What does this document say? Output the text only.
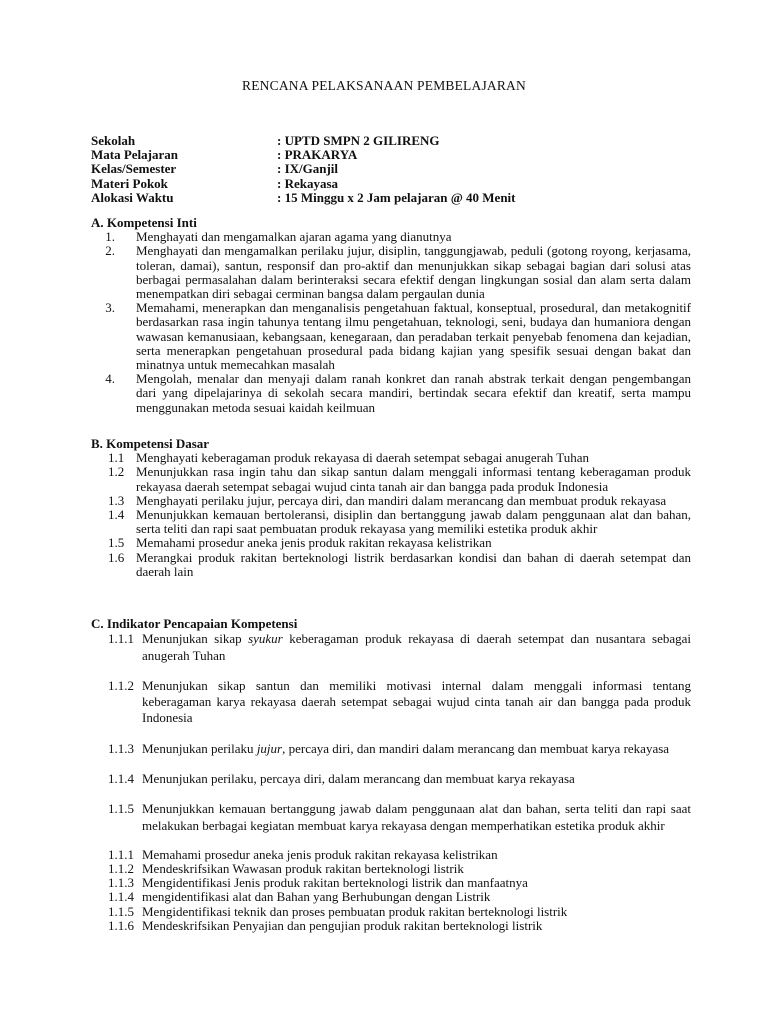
RENCANA PELAKSANAAN PEMBELAJARAN
Sekolah	: UPTD SMPN 2 GILIRENG
Mata Pelajaran	: PRAKARYA
Kelas/Semester	: IX/Ganjil
Materi Pokok	: Rekayasa
Alokasi Waktu	: 15 Minggu x 2 Jam pelajaran @ 40 Menit
A. Kompetensi Inti
1. Menghayati dan mengamalkan ajaran agama yang dianutnya
2. Menghayati dan mengamalkan perilaku jujur, disiplin, tanggungjawab, peduli (gotong royong, kerjasama, toleran, damai), santun, responsif dan pro-aktif dan menunjukkan sikap sebagai bagian dari solusi atas berbagai permasalahan dalam berinteraksi secara efektif dengan lingkungan sosial dan alam serta dalam menempatkan diri sebagai cerminan bangsa dalam pergaulan dunia
3. Memahami, menerapkan dan menganalisis pengetahuan faktual, konseptual, prosedural, dan metakognitif berdasarkan rasa ingin tahunya tentang ilmu pengetahuan, teknologi, seni, budaya dan humaniora dengan wawasan kemanusiaan, kebangsaan, kenegaraan, dan peradaban terkait penyebab fenomena dan kejadian, serta menerapkan pengetahuan prosedural pada bidang kajian yang spesifik sesuai dengan bakat dan minatnya untuk memecahkan masalah
4. Mengolah, menalar dan menyaji dalam ranah konkret dan ranah abstrak terkait dengan pengembangan dari yang dipelajarinya di sekolah secara mandiri, bertindak secara efektif dan kreatif, serta mampu menggunakan metoda sesuai kaidah keilmuan
B. Kompetensi Dasar
1.1 Menghayati keberagaman produk rekayasa di daerah setempat sebagai anugerah Tuhan
1.2 Menunjukkan rasa ingin tahu dan sikap santun dalam menggali informasi tentang keberagaman produk rekayasa daerah setempat sebagai wujud cinta tanah air dan bangga pada produk Indonesia
1.3 Menghayati perilaku jujur, percaya diri, dan mandiri dalam merancang dan membuat produk rekayasa
1.4 Menunjukkan kemauan bertoleransi, disiplin dan bertanggung jawab dalam penggunaan alat dan bahan, serta teliti dan rapi saat pembuatan produk rekayasa yang memiliki estetika produk akhir
1.5 Memahami prosedur aneka jenis produk rakitan rekayasa kelistrikan
1.6 Merangkai produk rakitan berteknologi listrik berdasarkan kondisi dan bahan di daerah setempat dan daerah lain
C. Indikator Pencapaian Kompetensi
1.1.1 Menunjukan sikap syukur keberagaman produk rekayasa di daerah setempat dan nusantara sebagai anugerah Tuhan
1.1.2 Menunjukan sikap santun dan memiliki motivasi internal dalam menggali informasi tentang keberagaman karya rekayasa daerah setempat sebagai wujud cinta tanah air dan bangga pada produk Indonesia
1.1.3 Menunjukan perilaku jujur, percaya diri, dan mandiri dalam merancang dan membuat karya rekayasa
1.1.4 Menunjukan perilaku, percaya diri, dalam merancang dan membuat karya rekayasa
1.1.5 Menunjukkan kemauan bertanggung jawab dalam penggunaan alat dan bahan, serta teliti dan rapi saat melakukan berbagai kegiatan membuat karya rekayasa dengan memperhatikan estetika produk akhir
1.1.1 Memahami prosedur aneka jenis produk rakitan rekayasa kelistrikan
1.1.2 Mendeskrifsikan Wawasan produk rakitan berteknologi listrik
1.1.3 Mengidentifikasi Jenis produk rakitan berteknologi listrik dan manfaatnya
1.1.4 mengidentifikasi alat dan Bahan yang Berhubungan dengan Listrik
1.1.5 Mengidentifikasi teknik dan proses pembuatan produk rakitan berteknologi listrik
1.1.6 Mendeskrifsikan Penyajian dan pengujian produk rakitan berteknologi listrik
